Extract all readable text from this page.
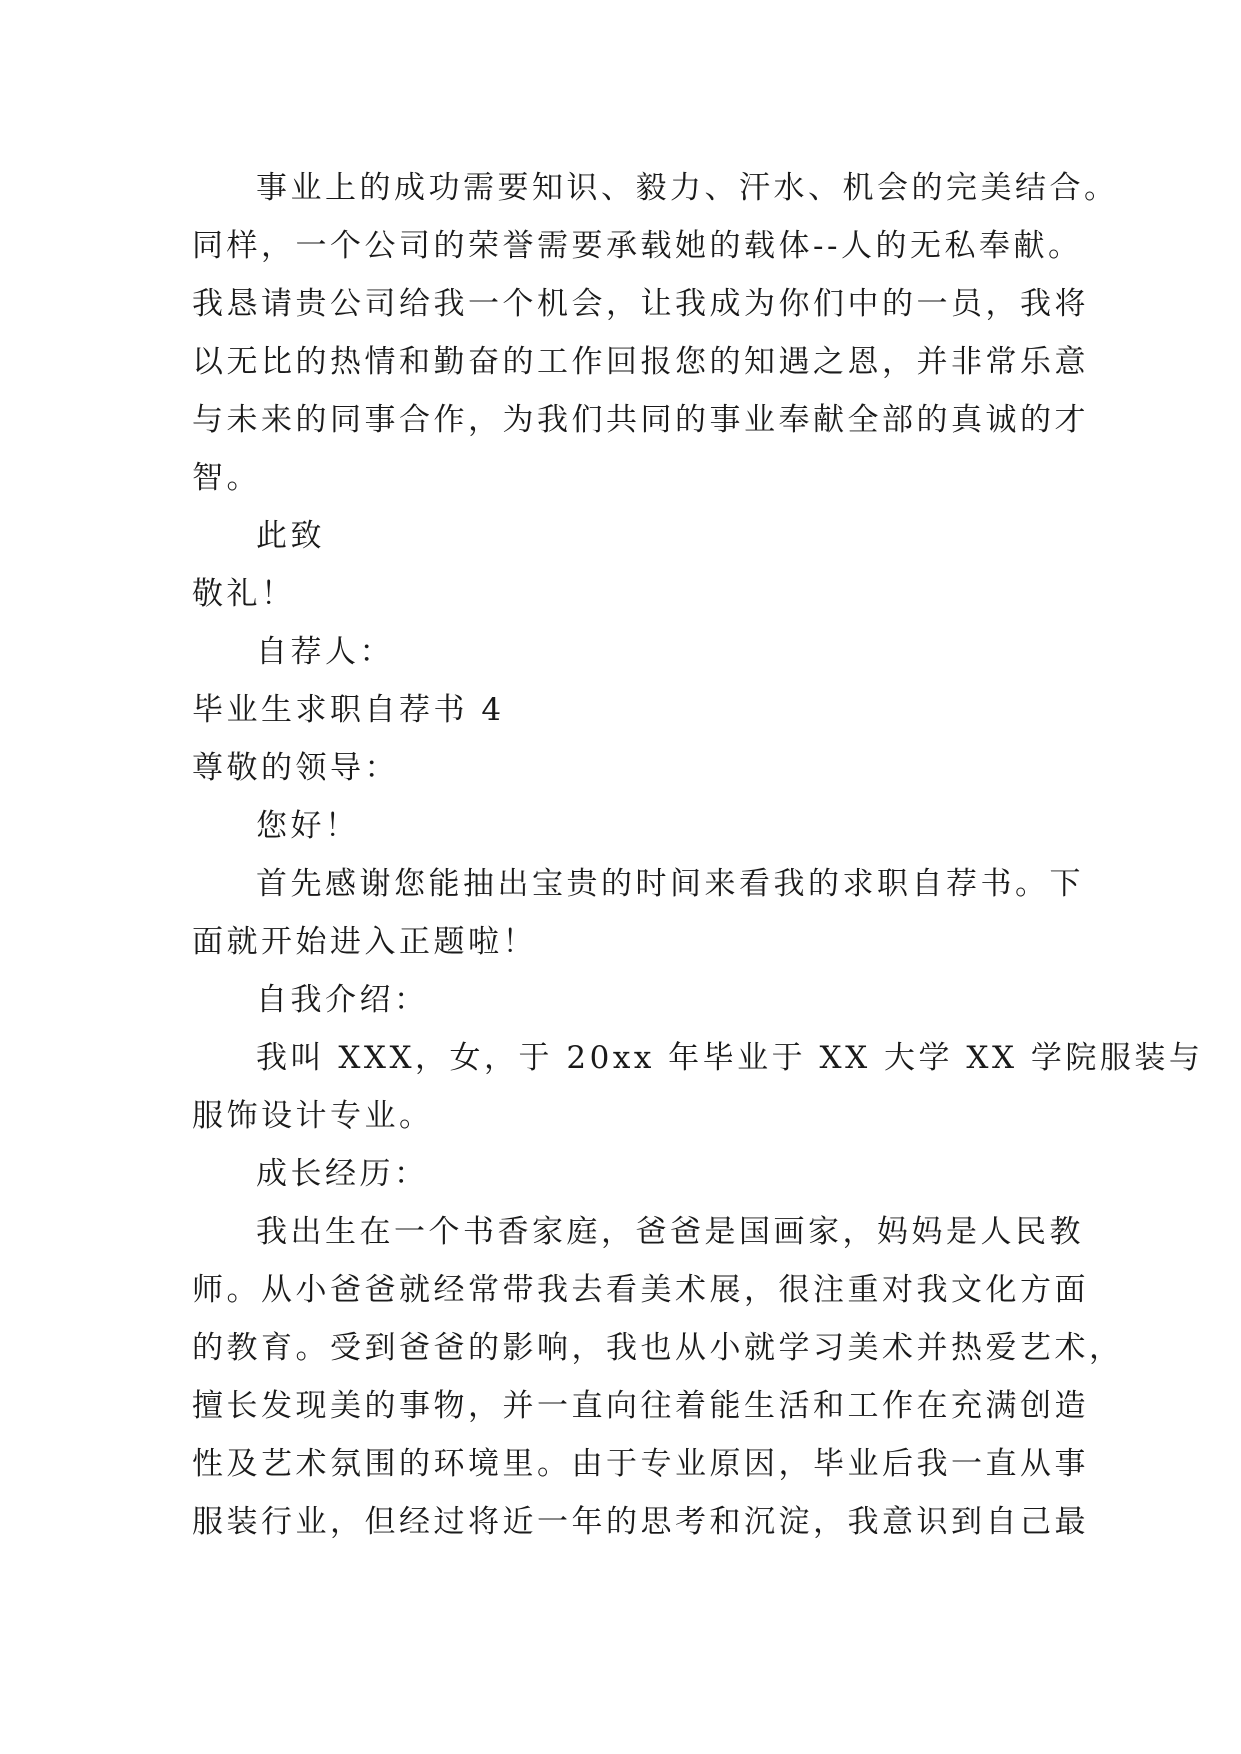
事业上的成功需要知识、毅力、汗水、机会的完美结合。
同样，一个公司的荣誉需要承载她的载体--人的无私奉献。
我恳请贵公司给我一个机会，让我成为你们中的一员，我将
以无比的热情和勤奋的工作回报您的知遇之恩，并非常乐意
与未来的同事合作，为我们共同的事业奉献全部的真诚的才
智。
此致
敬礼！
自荐人：
毕业生求职自荐书 4
尊敬的领导：
您好！
首先感谢您能抽出宝贵的时间来看我的求职自荐书。下
面就开始进入正题啦！
自我介绍：
我叫 XXX，女，于 20xx 年毕业于 XX 大学 XX 学院服装与
服饰设计专业。
成长经历：
我出生在一个书香家庭，爸爸是国画家，妈妈是人民教
师。从小爸爸就经常带我去看美术展，很注重对我文化方面
的教育。受到爸爸的影响，我也从小就学习美术并热爱艺术，
擅长发现美的事物，并一直向往着能生活和工作在充满创造
性及艺术氛围的环境里。由于专业原因，毕业后我一直从事
服装行业，但经过将近一年的思考和沉淀，我意识到自己最
